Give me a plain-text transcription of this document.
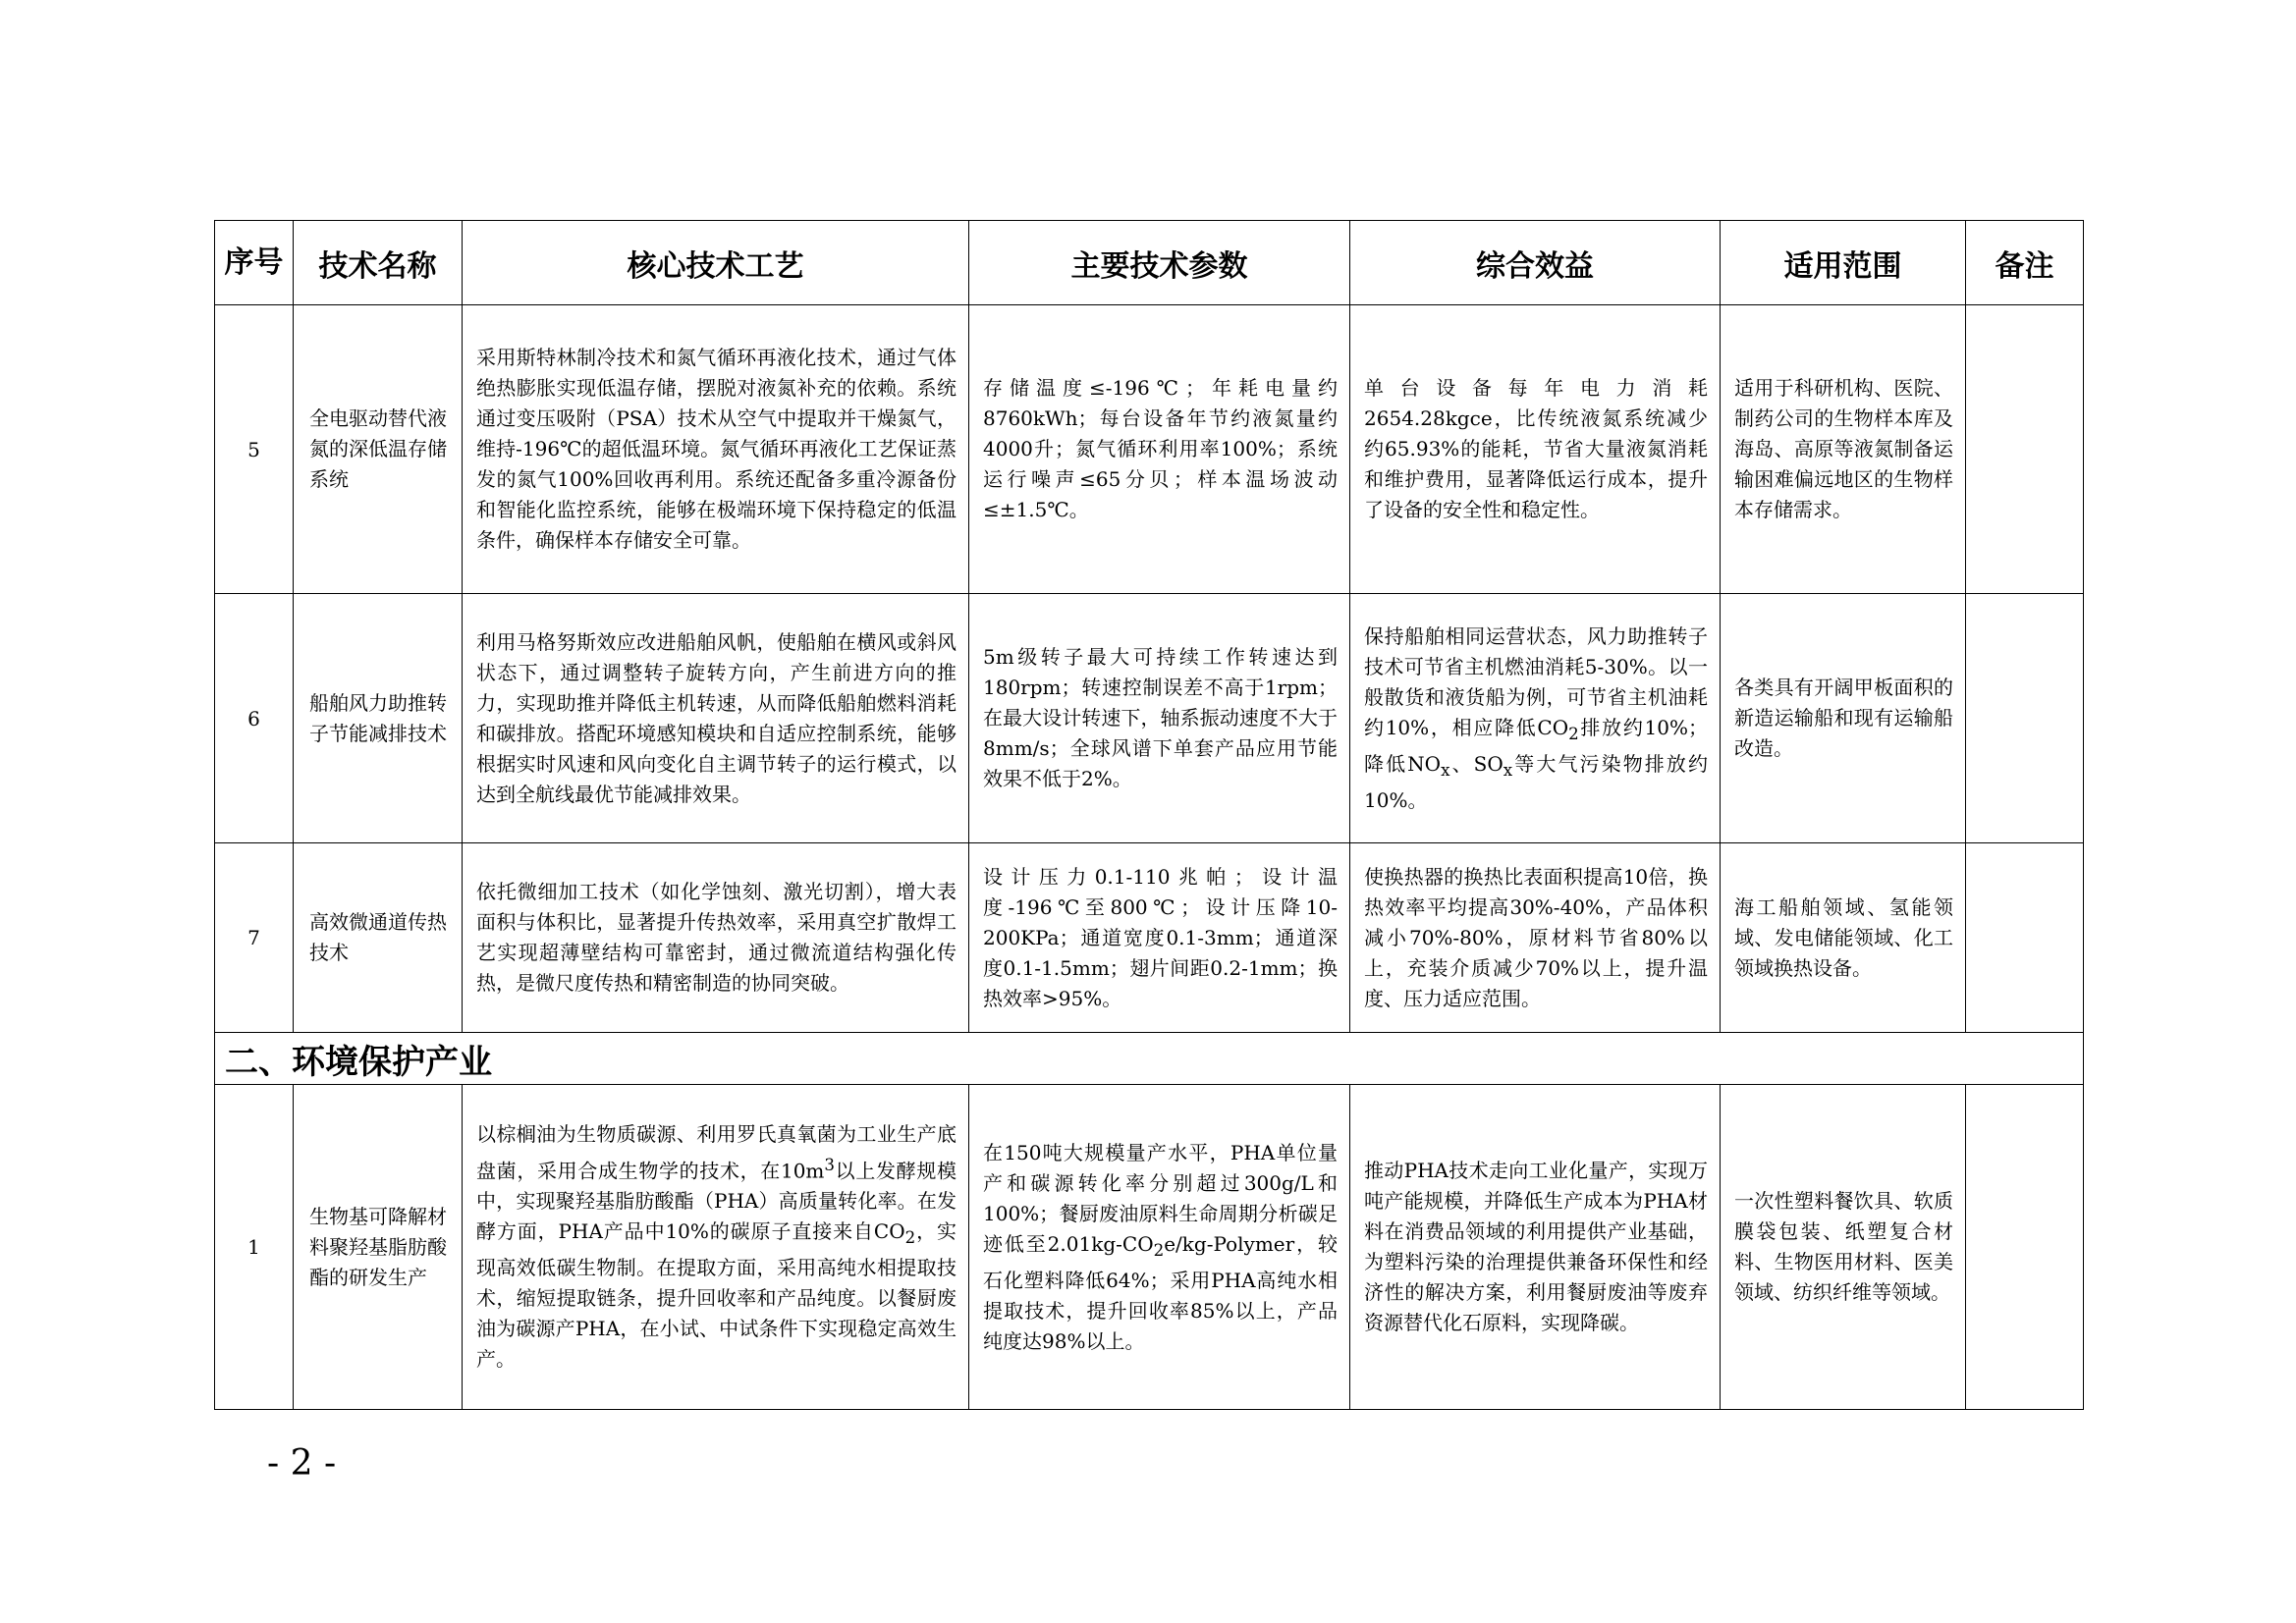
序号	技术名称	核心技术工艺	主要技术参数	综合效益	适用范围	备注
5	全电驱动替代液氮的深低温存储系统	采用斯特林制冷技术和氮气循环再液化技术，通过气体绝热膨胀实现低温存储，摆脱对液氮补充的依赖。系统通过变压吸附（PSA）技术从空气中提取并干燥氮气，维持-196℃的超低温环境。氮气循环再液化工艺保证蒸发的氮气100%回收再利用。系统还配备多重冷源备份和智能化监控系统，能够在极端环境下保持稳定的低温条件，确保样本存储安全可靠。	存储温度≤-196℃；年耗电量约8760kWh；每台设备年节约液氮量约4000升；氮气循环利用率100%；系统运行噪声≤65分贝；样本温场波动≤±1.5℃。	单台设备每年电力消耗2654.28kgce，比传统液氮系统减少约65.93%的能耗，节省大量液氮消耗和维护费用，显著降低运行成本，提升了设备的安全性和稳定性。	适用于科研机构、医院、制药公司的生物样本库及海岛、高原等液氮制备运输困难偏远地区的生物样本存储需求。	
6	船舶风力助推转子节能减排技术	利用马格努斯效应改进船舶风帆，使船舶在横风或斜风状态下，通过调整转子旋转方向，产生前进方向的推力，实现助推并降低主机转速，从而降低船舶燃料消耗和碳排放。搭配环境感知模块和自适应控制系统，能够根据实时风速和风向变化自主调节转子的运行模式，以达到全航线最优节能减排效果。	5m级转子最大可持续工作转速达到180rpm；转速控制误差不高于1rpm；在最大设计转速下，轴系振动速度不大于8mm/s；全球风谱下单套产品应用节能效果不低于2%。	保持船舶相同运营状态，风力助推转子技术可节省主机燃油消耗5-30%。以一般散货和液货船为例，可节省主机油耗约10%，相应降低$CO_2$排放约10%；降低$NO_x$、$SO_x$等大气污染物排放约10%。	各类具有开阔甲板面积的新造运输船和现有运输船改造。	
7	高效微通道传热技术	依托微细加工技术（如化学蚀刻、激光切割），增大表面积与体积比，显著提升传热效率，采用真空扩散焊工艺实现超薄壁结构可靠密封，通过微流道结构强化传热，是微尺度传热和精密制造的协同突破。	设计压力0.1-110兆帕；设计温度-196℃至800℃；设计压降10-200KPa；通道宽度0.1-3mm；通道深度0.1-1.5mm；翅片间距0.2-1mm；换热效率>95%。	使换热器的换热比表面积提高10倍，换热效率平均提高30%-40%，产品体积减小70%-80%，原材料节省80%以上，充装介质减少70%以上，提升温度、压力适应范围。	海工船舶领域、氢能领域、发电储能领域、化工领域换热设备。	
二、环境保护产业						
1	生物基可降解材料聚羟基脂肪酸酯的研发生产	以棕榈油为生物质碳源、利用罗氏真氧菌为工业生产底盘菌，采用合成生物学的技术，在$10m^3$以上发酵规模中，实现聚羟基脂肪酸酯（PHA）高质量转化率。在发酵方面，PHA产品中10%的碳原子直接来自$CO_2$，实现高效低碳生物制。在提取方面，采用高纯水相提取技术，缩短提取链条，提升回收率和产品纯度。以餐厨废油为碳源产PHA，在小试、中试条件下实现稳定高效生产。	在150吨大规模量产水平，PHA单位量产和碳源转化率分别超过300g/L和100%；餐厨废油原料生命周期分析碳足迹低至$2.01kg-CO_2e/kg$-Polymer，较石化塑料降低64%；采用PHA高纯水相提取技术，提升回收率85%以上，产品纯度达98%以上。	推动PHA技术走向工业化量产，实现万吨产能规模，并降低生产成本为PHA材料在消费品领域的利用提供产业基础，为塑料污染的治理提供兼备环保性和经济性的解决方案，利用餐厨废油等废弃资源替代化石原料，实现降碳。	一次性塑料餐饮具、软质膜袋包装、纸塑复合材料、生物医用材料、医美领域、纺织纤维等领域。	
- 2 -
